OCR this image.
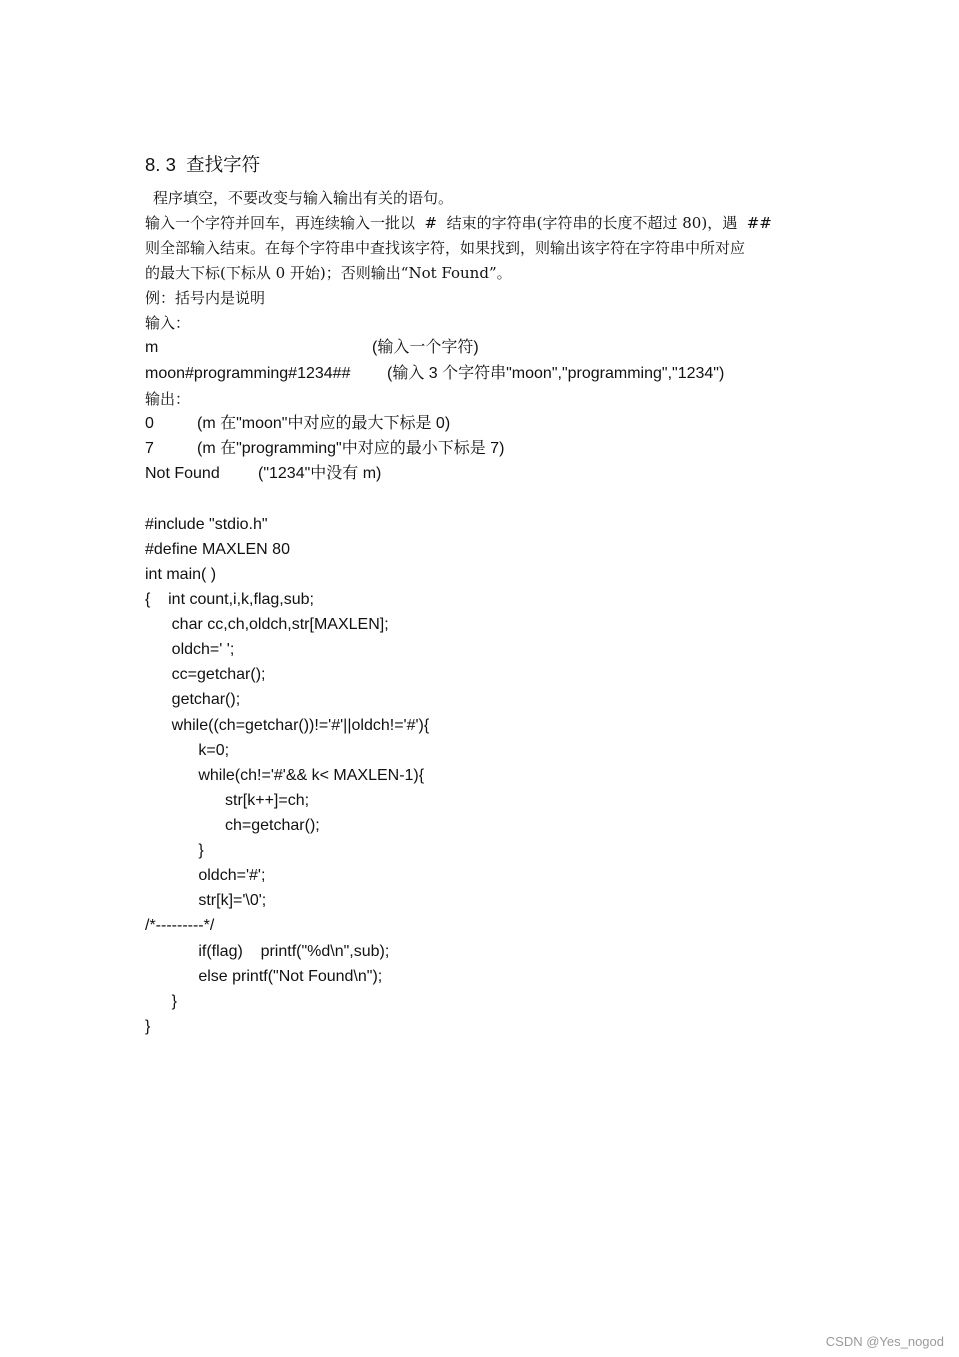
8. 3  查找字符
程序填空，不要改变与输入输出有关的语句。
输入一个字符并回车，再连续输入一批以  #  结束的字符串(字符串的长度不超过 80)，遇  ##
则全部输入结束。在每个字符串中查找该字符，如果找到，则输出该字符在字符串中所对应
的最大下标(下标从 0 开始)；否则输出“Not Found”。
例：括号内是说明
输入：
m	(输入一个字符)
moon#programming#1234## (输入 3 个字符串"moon","programming","1234")
输出：
0	(m 在"moon"中对应的最大下标是 0)
7	(m 在"programming"中对应的最小下标是 7)
Not Found ("1234"中没有 m)
#include "stdio.h"
#define MAXLEN 80
int main( )
{    int count,i,k,flag,sub;
char cc,ch,oldch,str[MAXLEN];
oldch=' ';
cc=getchar();
getchar();
while((ch=getchar())!='#'||oldch!='#'){
k=0;
while(ch!='#'&& k< MAXLEN-1){
str[k++]=ch;
ch=getchar();
}
oldch='#';
str[k]='\0';
/*---------*/
if(flag)    printf("%d\n",sub);
else printf("Not Found\n");
}
}
CSDN @Yes_nogod
